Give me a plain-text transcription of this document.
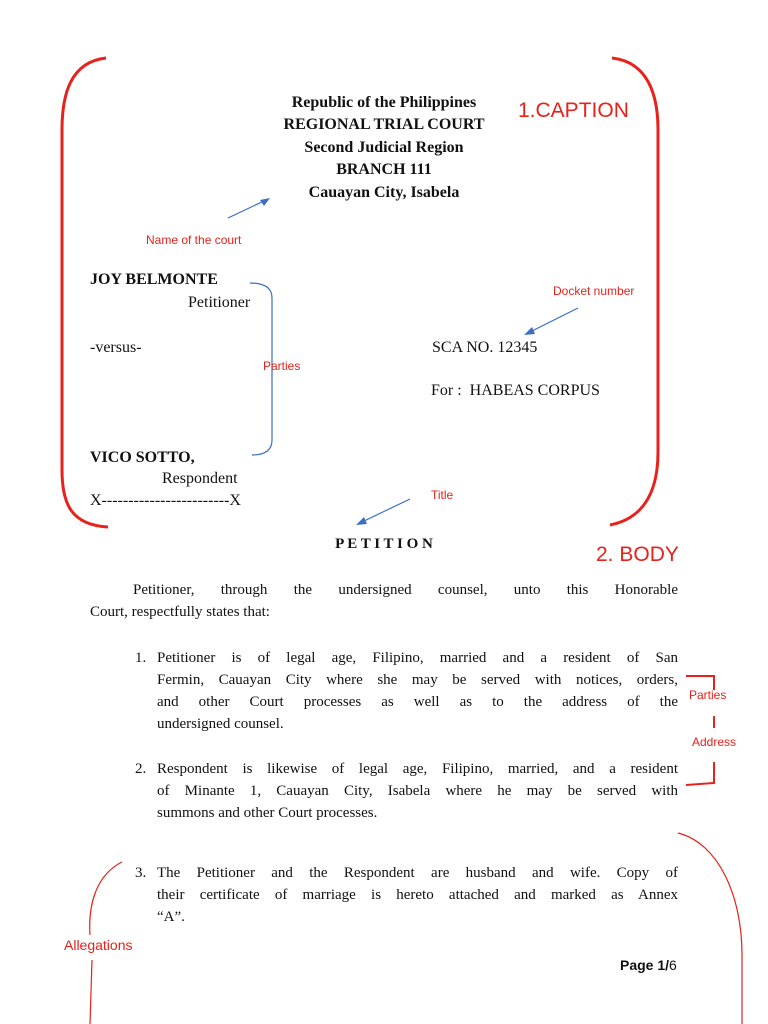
Republic of the Philippines
REGIONAL TRIAL COURT
Second Judicial Region
BRANCH 111
Cauayan City, Isabela
1.CAPTION
Name of the court
Docket number
Parties
Title
2. BODY
Parties
Address
Allegations
JOY BELMONTE
Petitioner
-versus-
VICO SOTTO,
Respondent
X------------------------X
SCA NO. 12345
For : HABEAS CORPUS
P E T I T I O N
Petitioner, through the undersigned counsel, unto this Honorable
Court, respectfully states that:
1. Petitioner is of legal age, Filipino, married and a resident of San
Fermin, Cauayan City where she may be served with notices, orders,
and other Court processes as well as to the address of the
undersigned counsel.
2. Respondent is likewise of legal age, Filipino, married, and a resident
of Minante 1, Cauayan City, Isabela where he may be served with
summons and other Court processes.
3. The Petitioner and the Respondent are husband and wife. Copy of
their certificate of marriage is hereto attached and marked as Annex
“A”.
Page 1/6
